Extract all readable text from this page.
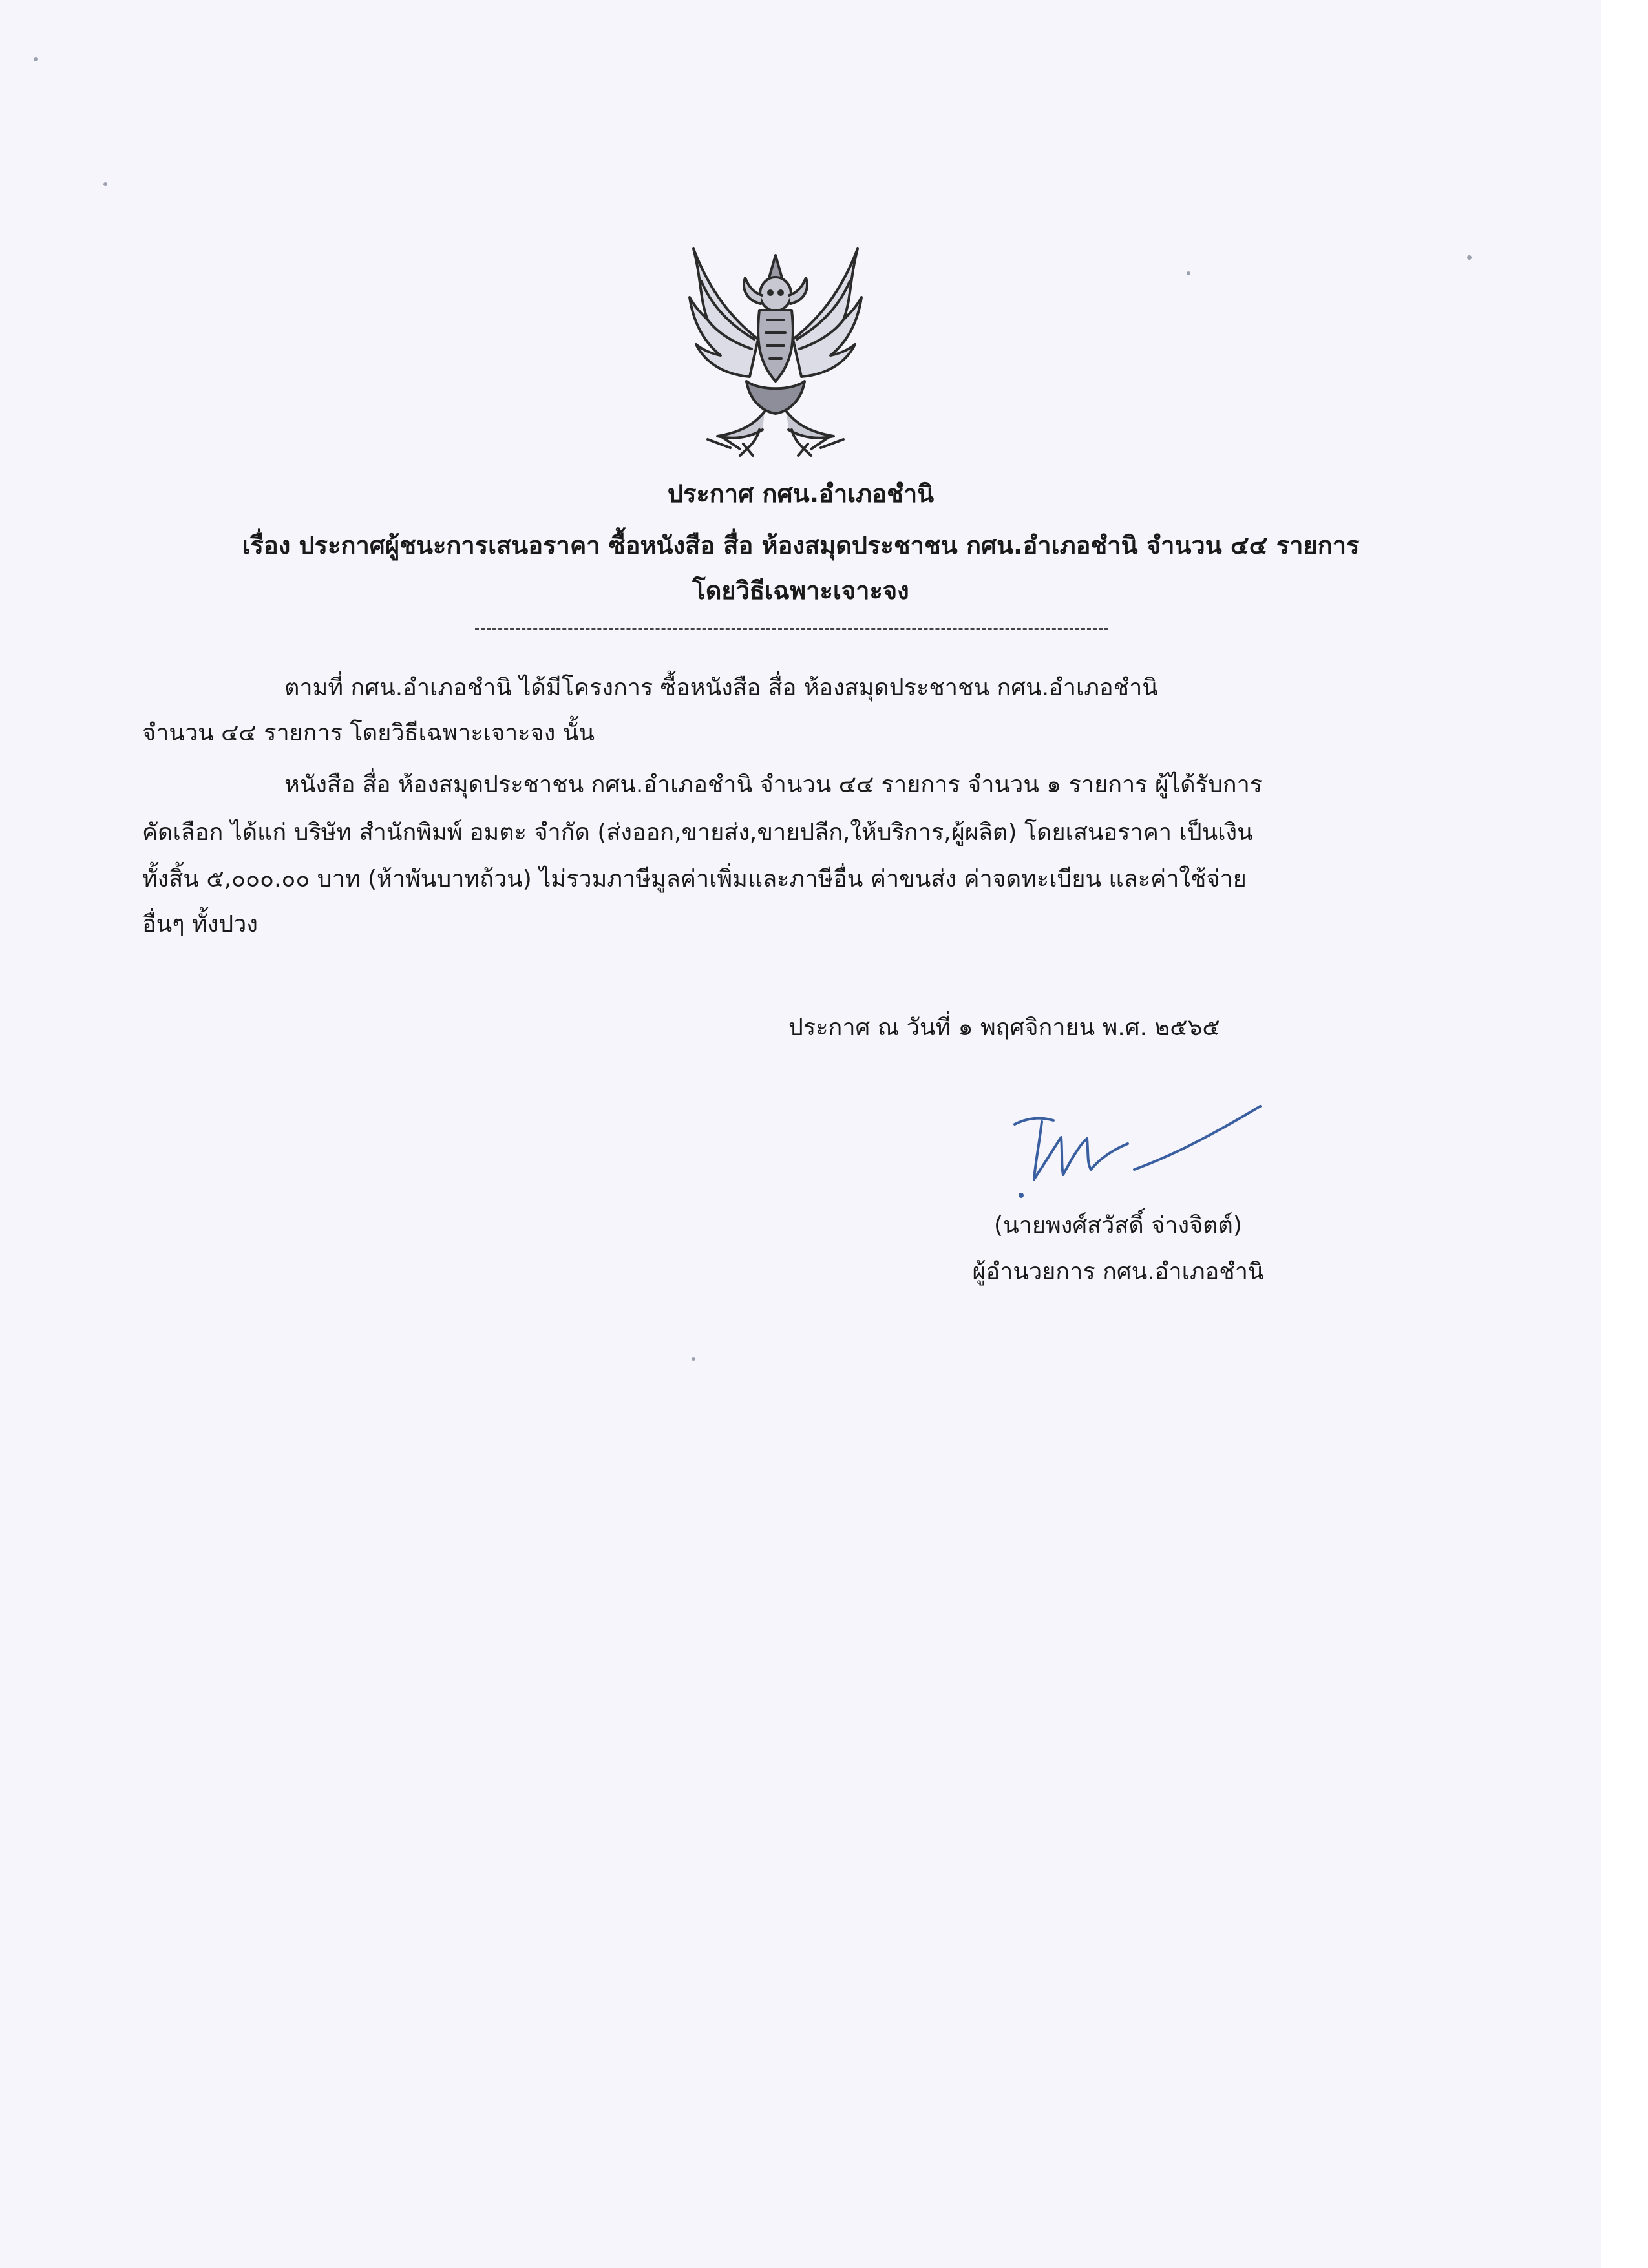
ประกาศ กศน.อำเภอชำนิ
เรื่อง ประกาศผู้ชนะการเสนอราคา ซื้อหนังสือ สื่อ ห้องสมุดประชาชน กศน.อำเภอชำนิ จำนวน ๔๔ รายการ
โดยวิธีเฉพาะเจาะจง
ตามที่ กศน.อำเภอชำนิ ได้มีโครงการ ซื้อหนังสือ สื่อ ห้องสมุดประชาชน กศน.อำเภอชำนิ
จำนวน ๔๔ รายการ โดยวิธีเฉพาะเจาะจง นั้น
หนังสือ สื่อ ห้องสมุดประชาชน กศน.อำเภอชำนิ จำนวน ๔๔ รายการ จำนวน ๑ รายการ ผู้ได้รับการ
คัดเลือก ได้แก่ บริษัท สำนักพิมพ์ อมตะ จำกัด (ส่งออก,ขายส่ง,ขายปลีก,ให้บริการ,ผู้ผลิต) โดยเสนอราคา เป็นเงิน
ทั้งสิ้น ๕,๐๐๐.๐๐ บาท (ห้าพันบาทถ้วน) ไม่รวมภาษีมูลค่าเพิ่มและภาษีอื่น ค่าขนส่ง ค่าจดทะเบียน และค่าใช้จ่าย
อื่นๆ ทั้งปวง
ประกาศ ณ วันที่ ๑ พฤศจิกายน พ.ศ. ๒๕๖๕
(นายพงศ์สวัสดิ์ จ่างจิตต์)
ผู้อำนวยการ กศน.อำเภอชำนิ
